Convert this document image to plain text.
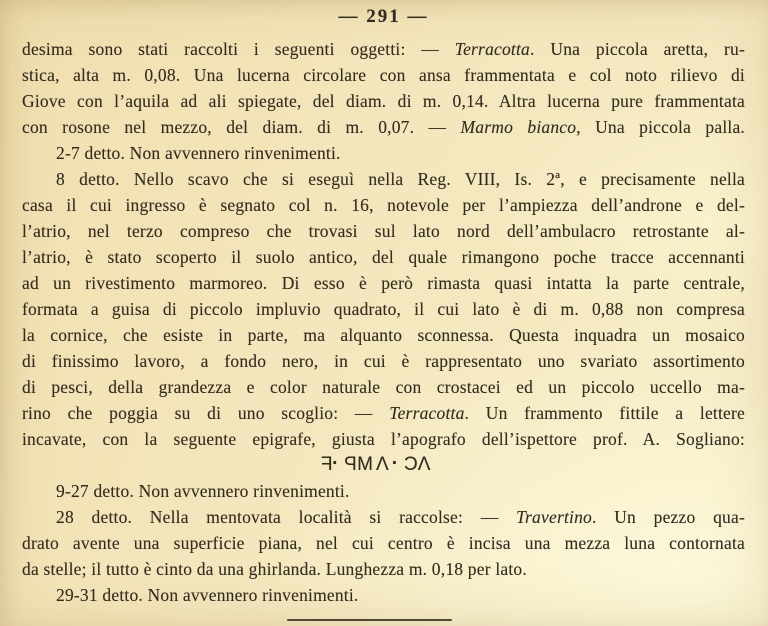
— 291 —
desima sono stati raccolti i seguenti oggetti: — Terracotta. Una piccola aretta, ru-
stica, alta m. 0,08. Una lucerna circolare con ansa frammentata e col noto rilievo di
Giove con l’aquila ad ali spiegate, del diam. di m. 0,14. Altra lucerna pure frammentata
con rosone nel mezzo, del diam. di m. 0,07. — Marmo bianco, Una piccola palla.
2-7 detto. Non avvennero rinvenimenti.
8 detto. Nello scavo che si eseguì nella Reg. VIII, Is. 2ª, e precisamente nella
casa il cui ingresso è segnato col n. 16, notevole per l’ampiezza dell’androne e del-
l’atrio, nel terzo compreso che trovasi sul lato nord dell’ambulacro retrostante al-
l’atrio, è stato scoperto il suolo antico, del quale rimangono poche tracce accennanti
ad un rivestimento marmoreo. Di esso è però rimasta quasi intatta la parte centrale,
formata a guisa di piccolo impluvio quadrato, il cui lato è di m. 0,88 non compresa
la cornice, che esiste in parte, ma alquanto sconnessa. Questa inquadra un mosaico
di finissimo lavoro, a fondo nero, in cui è rappresentato uno svariato assortimento
di pesci, della grandezza e color naturale con crostacei ed un piccolo uccello ma-
rino che poggia su di uno scoglio: — Terracotta. Un frammento fittile a lettere
incavate, con la seguente epigrafe, giusta l’apografo dell’ispettore prof. A. Sogliano:
F·PMΛ·CΛ
9-27 detto. Non avvennero rinvenimenti.
28 detto. Nella mentovata località si raccolse: — Travertino. Un pezzo qua-
drato avente una superficie piana, nel cui centro è incisa una mezza luna contornata
da stelle; il tutto è cinto da una ghirlanda. Lunghezza m. 0,18 per lato.
29-31 detto. Non avvennero rinvenimenti.
